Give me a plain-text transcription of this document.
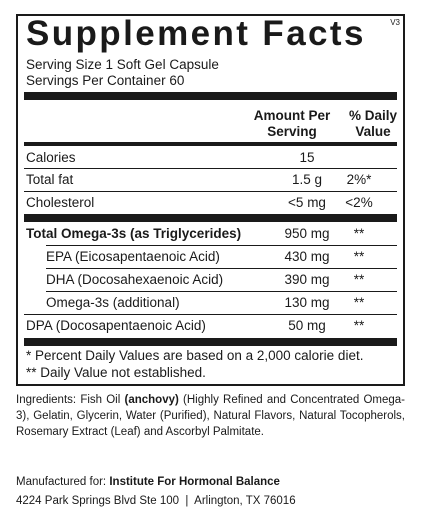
Supplement Facts	V3
Serving Size 1 Soft Gel Capsule
Servings Per Container 60
Amount Per
Serving
% Daily
Value
Calories	15
Total fat	1.5 g	2%*
Cholesterol	<5 mg	<2%
Total Omega-3s (as Triglycerides)	950 mg	**
EPA (Eicosapentaenoic Acid)	430 mg	**
DHA (Docosahexaenoic Acid)	390 mg	**
Omega-3s (additional)	130 mg	**
DPA (Docosapentaenoic Acid)	50 mg	**
* Percent Daily Values are based on a 2,000 calorie diet.
** Daily Value not established.
Ingredients: Fish Oil (anchovy) (Highly Refined and Concentrated Omega-3), Gelatin, Glycerin, Water (Purified), Natural Flavors, Natural Tocopherols, Rosemary Extract (Leaf) and Ascorbyl Palmitate.
Manufactured for: Institute For Hormonal Balance
4224 Park Springs Blvd Ste 100  |  Arlington, TX 76016
